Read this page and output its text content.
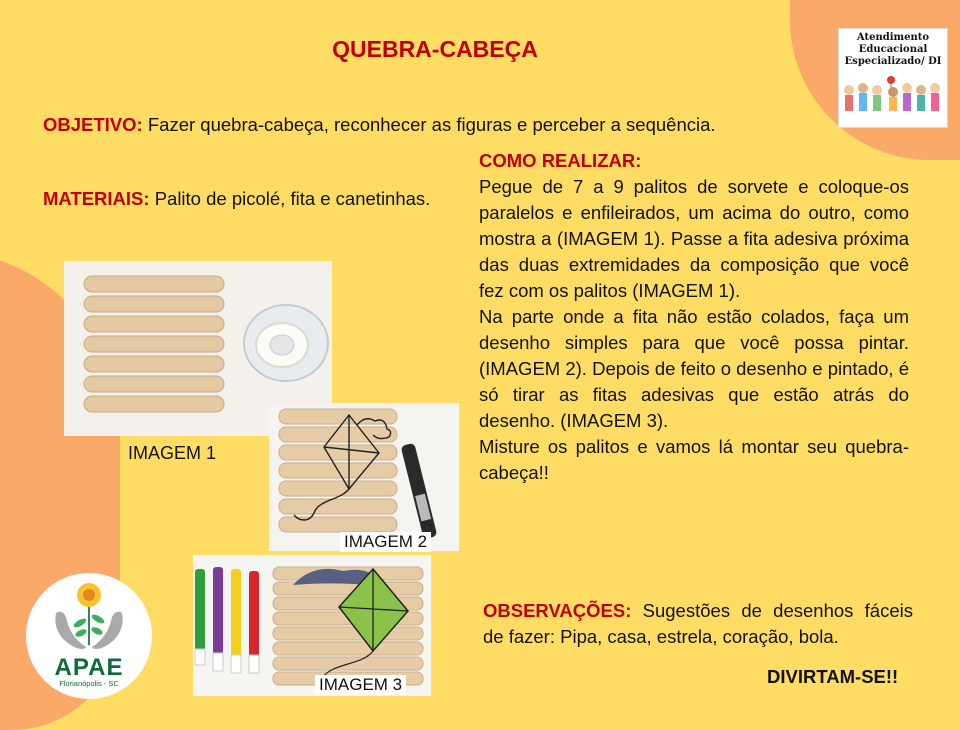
QUEBRA-CABEÇA
OBJETIVO: Fazer quebra-cabeça, reconhecer as figuras e perceber a sequência.
MATERIAIS: Palito de picolé, fita e canetinhas.
COMO REALIZAR:
Pegue de 7 a 9 palitos de sorvete e coloque-os paralelos e enfileirados, um acima do outro, como mostra a (IMAGEM 1). Passe a fita adesiva próxima das duas extremidades da composição que você fez com os palitos (IMAGEM 1).
Na parte onde a fita não estão colados, faça um desenho simples para que você possa pintar. (IMAGEM 2). Depois de feito o desenho e pintado, é só tirar as fitas adesivas que estão atrás do desenho. (IMAGEM 3).
Misture os palitos e vamos lá montar seu quebra-cabeça!!
OBSERVAÇÕES: Sugestões de desenhos fáceis de fazer: Pipa, casa, estrela, coração, bola.
DIVIRTAM-SE!!
IMAGEM 1
IMAGEM 2
IMAGEM 3
Atendimento
Educacional
Especializado/ DI
APAE
Florianópolis - SC
